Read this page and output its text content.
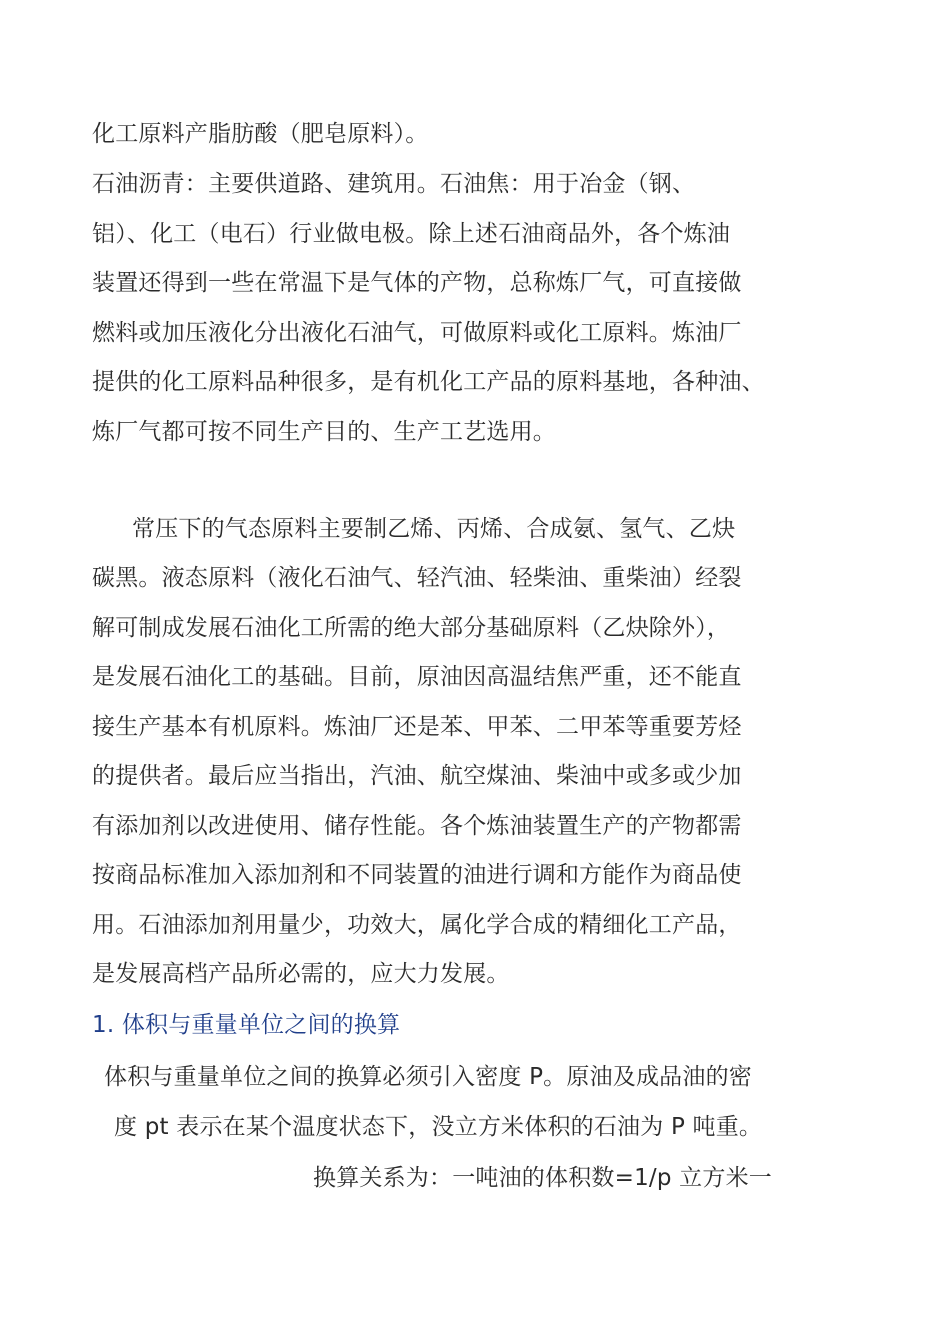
化工原料产脂肪酸（肥皂原料）。

石油沥青：主要供道路、建筑用。石油焦：用于冶金（钢、

铝）、化工（电石）行业做电极。除上述石油商品外，各个炼油

装置还得到一些在常温下是气体的产物，总称炼厂气，可直接做

燃料或加压液化分出液化石油气，可做原料或化工原料。炼油厂

提供的化工原料品种很多，是有机化工产品的原料基地，各种油、

炼厂气都可按不同生产目的、生产工艺选用。

常压下的气态原料主要制乙烯、丙烯、合成氨、氢气、乙炔

碳黑。液态原料（液化石油气、轻汽油、轻柴油、重柴油）经裂

解可制成发展石油化工所需的绝大部分基础原料（乙炔除外），

是发展石油化工的基础。目前，原油因高温结焦严重，还不能直

接生产基本有机原料。炼油厂还是苯、甲苯、二甲苯等重要芳烃

的提供者。最后应当指出，汽油、航空煤油、柴油中或多或少加

有添加剂以改进使用、储存性能。各个炼油装置生产的产物都需

按商品标准加入添加剂和不同装置的油进行调和方能作为商品使

用。石油添加剂用量少，功效大，属化学合成的精细化工产品，

是发展高档产品所必需的，应大力发展。

1. 体积与重量单位之间的换算

体积与重量单位之间的换算必须引入密度 P。原油及成品油的密

度 pt 表示在某个温度状态下，没立方米体积的石油为 P 吨重。

换算关系为：一吨油的体积数=1/p 立方米一
